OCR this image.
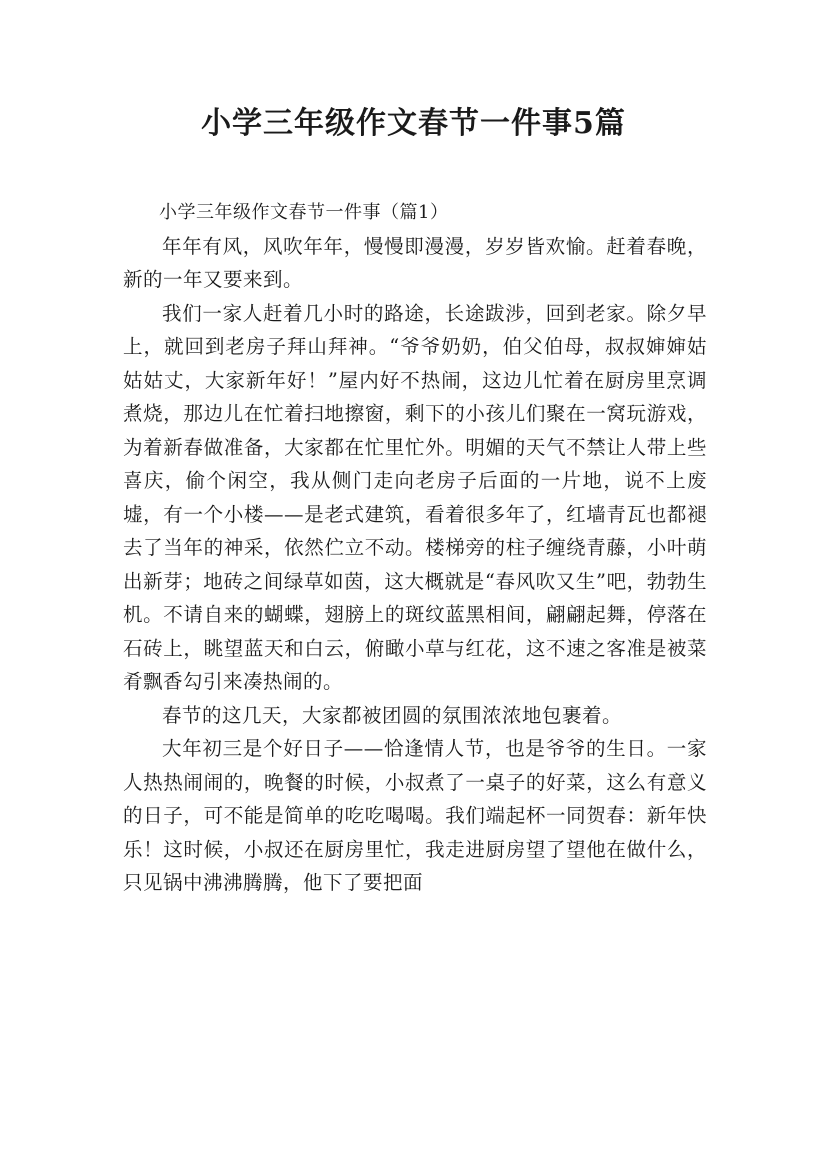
小学三年级作文春节一件事5篇

小学三年级作文春节一件事（篇1）

年年有风，风吹年年，慢慢即漫漫，岁岁皆欢愉。赶着春晚，新的一年又要来到。

我们一家人赶着几小时的路途，长途跋涉，回到老家。除夕早上，就回到老房子拜山拜神。“爷爷奶奶，伯父伯母，叔叔婶婶姑姑姑丈，大家新年好！”屋内好不热闹，这边儿忙着在厨房里烹调煮烧，那边儿在忙着扫地擦窗，剩下的小孩儿们聚在一窝玩游戏，为着新春做准备，大家都在忙里忙外。明媚的天气不禁让人带上些喜庆，偷个闲空，我从侧门走向老房子后面的一片地，说不上废墟，有一个小楼——是老式建筑，看着很多年了，红墙青瓦也都褪去了当年的神采，依然伫立不动。楼梯旁的柱子缠绕青藤，小叶萌出新芽；地砖之间绿草如茵，这大概就是“春风吹又生”吧，勃勃生机。不请自来的蝴蝶，翅膀上的斑纹蓝黑相间，翩翩起舞，停落在石砖上，眺望蓝天和白云，俯瞰小草与红花，这不速之客准是被菜肴飘香勾引来凑热闹的。

春节的这几天，大家都被团圆的氛围浓浓地包裹着。

大年初三是个好日子——恰逢情人节，也是爷爷的生日。一家人热热闹闹的，晚餐的时候，小叔煮了一桌子的好菜，这么有意义的日子，可不能是简单的吃吃喝喝。我们端起杯一同贺春：新年快乐！这时候，小叔还在厨房里忙，我走进厨房望了望他在做什么，只见锅中沸沸腾腾，他下了要把面
